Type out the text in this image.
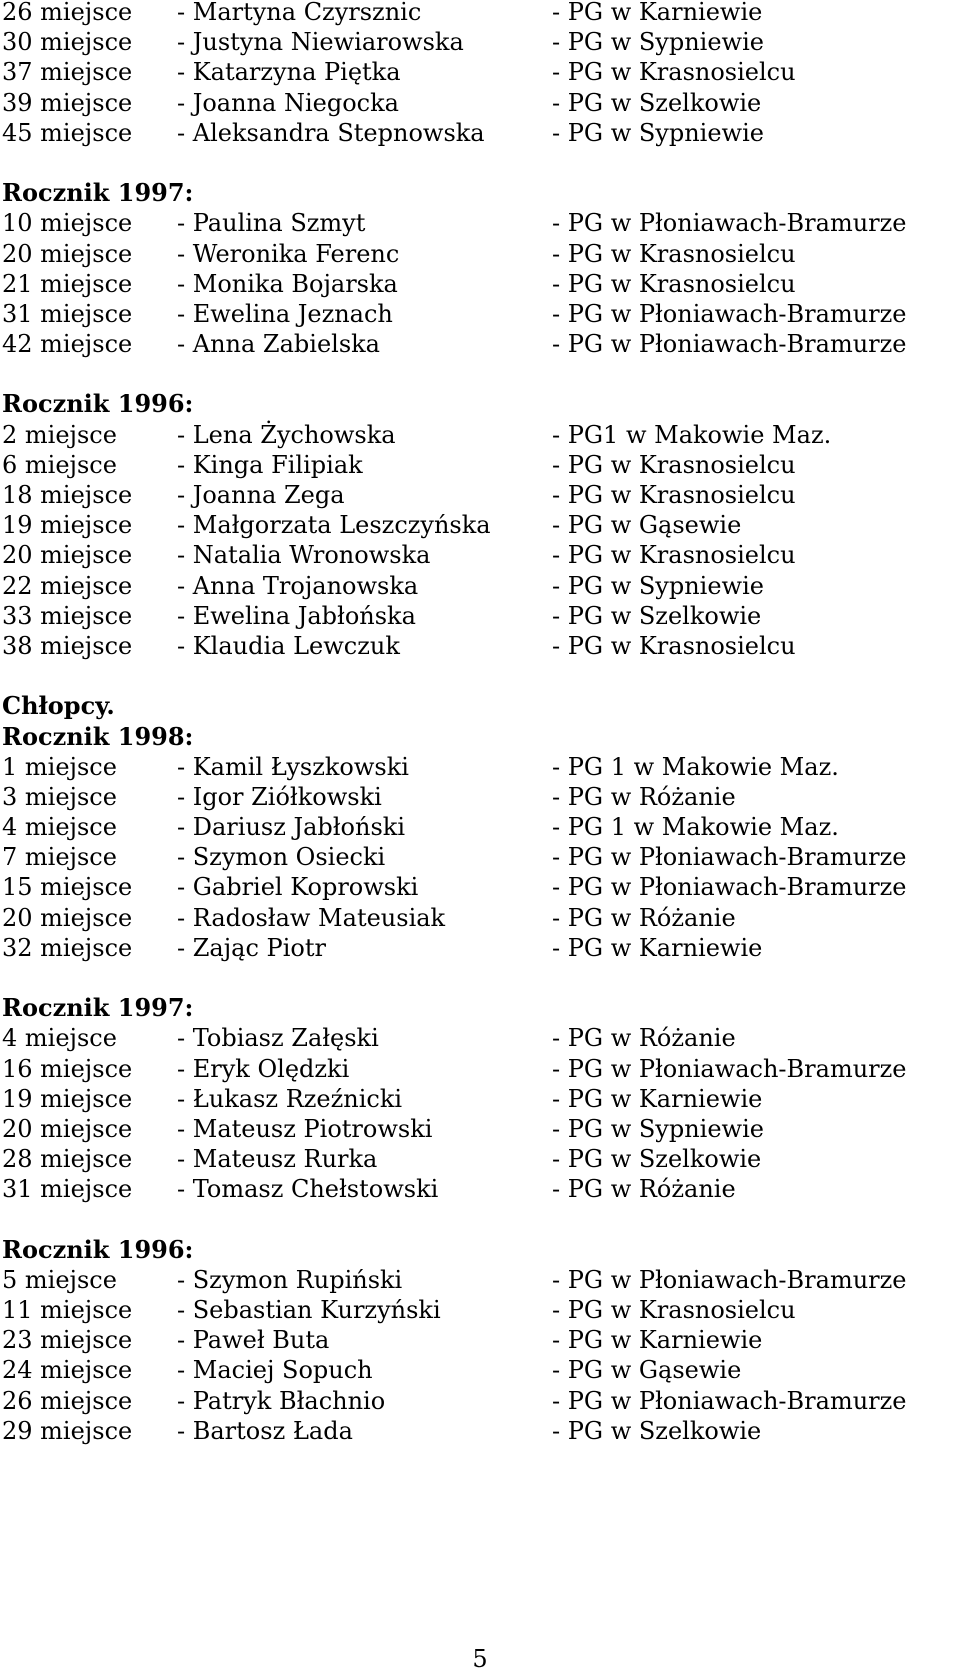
26 miejsce - Martyna Czyrsznic	- PG w Karniewie
30 miejsce - Justyna Niewiarowska	- PG w Sypniewie
37 miejsce - Katarzyna Piętka	- PG w Krasnosielcu
39 miejsce - Joanna Niegocka	- PG w Szelkowie
45 miejsce - Aleksandra Stepnowska	- PG w Sypniewie
Rocznik 1997:
10 miejsce - Paulina Szmyt	- PG w Płoniawach-Bramurze
20 miejsce - Weronika Ferenc	- PG w Krasnosielcu
21 miejsce - Monika Bojarska	- PG w Krasnosielcu
31 miejsce - Ewelina Jeznach	- PG w Płoniawach-Bramurze
42 miejsce - Anna Zabielska	- PG w Płoniawach-Bramurze
Rocznik 1996:
2 miejsce	- Lena Żychowska	- PG1 w Makowie Maz.
6 miejsce	- Kinga Filipiak	- PG w Krasnosielcu
18 miejsce - Joanna Zega	- PG w Krasnosielcu
19 miejsce - Małgorzata Leszczyńska	- PG w Gąsewie
20 miejsce - Natalia Wronowska	- PG w Krasnosielcu
22 miejsce - Anna Trojanowska	- PG w Sypniewie
33 miejsce - Ewelina Jabłońska	- PG w Szelkowie
38 miejsce - Klaudia Lewczuk	- PG w Krasnosielcu
Chłopcy.
Rocznik 1998:
1 miejsce	- Kamil Łyszkowski	- PG 1 w Makowie Maz.
3 miejsce	- Igor Ziółkowski	- PG w Różanie
4 miejsce	- Dariusz Jabłoński	- PG 1 w Makowie Maz.
7 miejsce	- Szymon Osiecki	- PG w Płoniawach-Bramurze
15 miejsce - Gabriel Koprowski	- PG w Płoniawach-Bramurze
20 miejsce - Radosław Mateusiak	- PG w Różanie
32 miejsce - Zając Piotr	- PG w Karniewie
Rocznik 1997:
4 miejsce	- Tobiasz Załęski	- PG w Różanie
16 miejsce - Eryk Olędzki	- PG w Płoniawach-Bramurze
19 miejsce - Łukasz Rzeźnicki	- PG w Karniewie
20 miejsce - Mateusz Piotrowski	- PG w Sypniewie
28 miejsce - Mateusz Rurka	- PG w Szelkowie
31 miejsce - Tomasz Chełstowski	- PG w Różanie
Rocznik 1996:
5 miejsce	- Szymon Rupiński	- PG w Płoniawach-Bramurze
11 miejsce - Sebastian Kurzyński	- PG w Krasnosielcu
23 miejsce - Paweł Buta	- PG w Karniewie
24 miejsce - Maciej Sopuch	- PG w Gąsewie
26 miejsce - Patryk Błachnio	- PG w Płoniawach-Bramurze
29 miejsce - Bartosz Łada	- PG w Szelkowie
5
